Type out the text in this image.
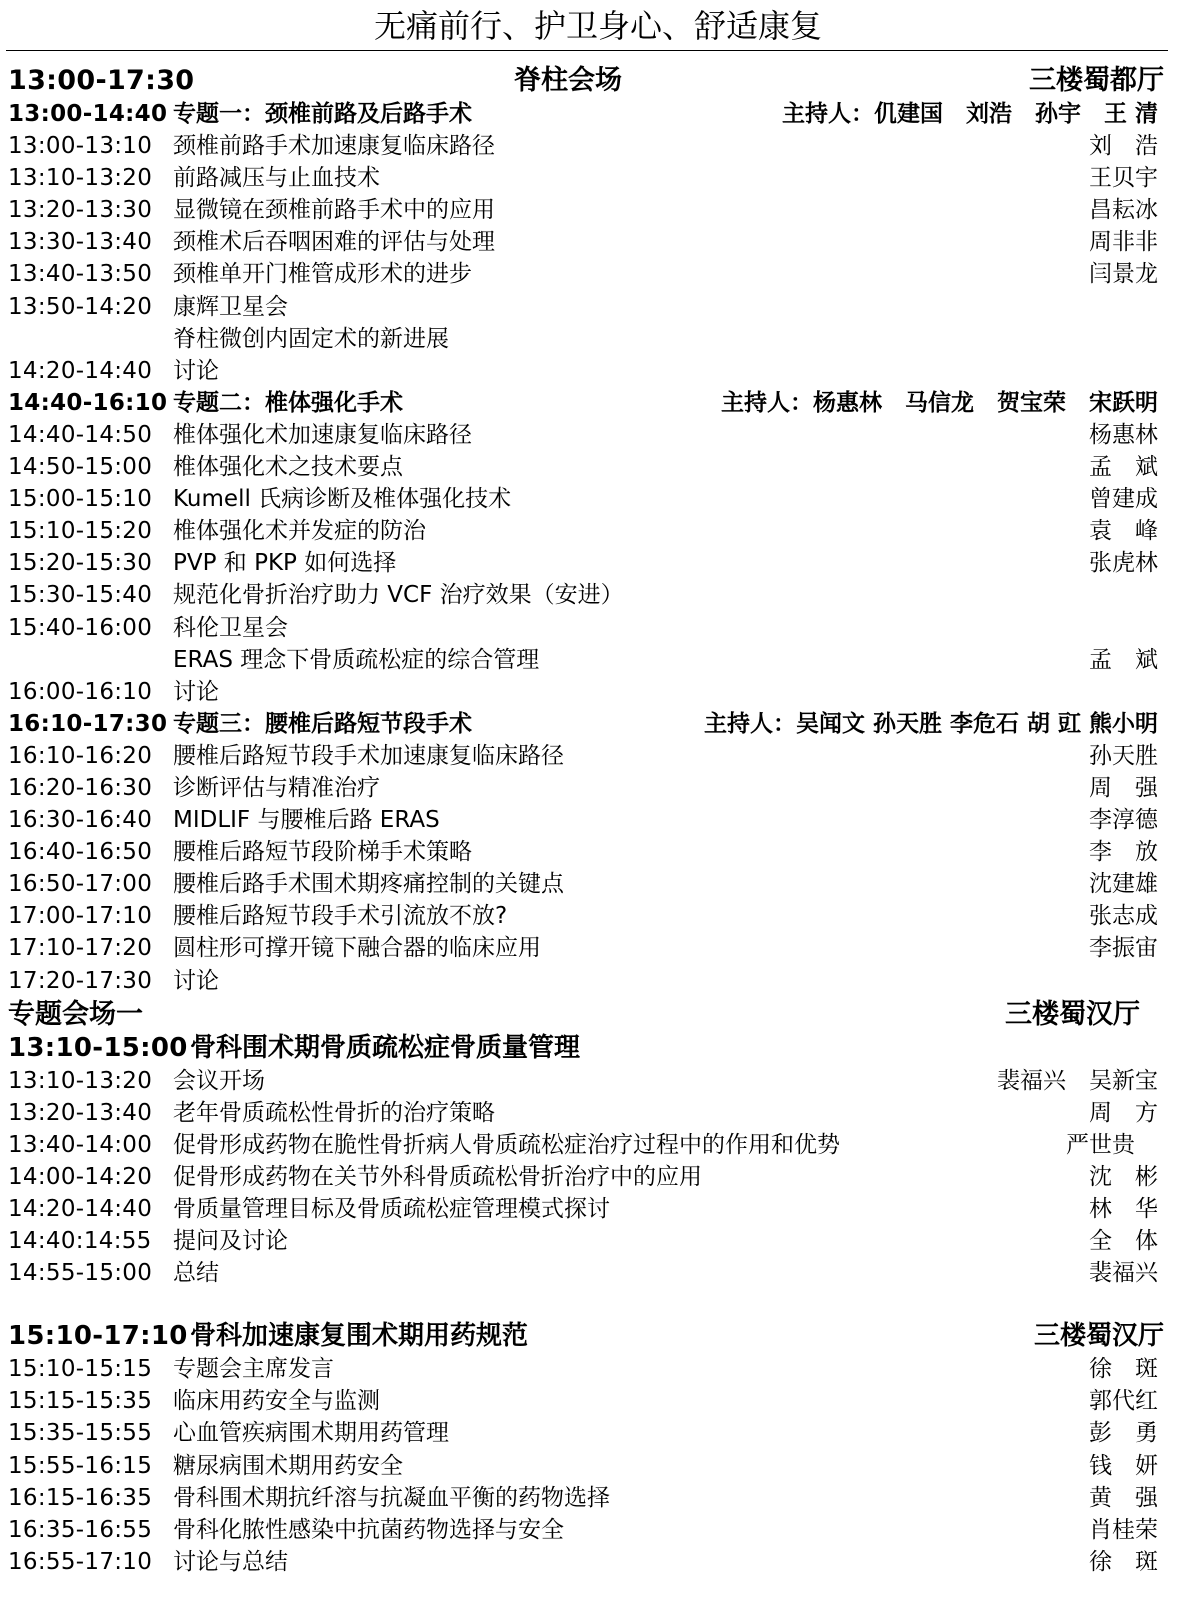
无痛前行、护卫身心、舒适康复
13:00-17:30	脊柱会场	三楼蜀都厅
13:00-14:40 专题一：颈椎前路及后路手术	主持人：仉建国　刘浩　孙宇　王 清
13:00-13:10 颈椎前路手术加速康复临床路径	刘　浩
13:10-13:20 前路减压与止血技术	王贝宇
13:20-13:30 显微镜在颈椎前路手术中的应用	昌耘冰
13:30-13:40 颈椎术后吞咽困难的评估与处理	周非非
13:40-13:50 颈椎单开门椎管成形术的进步	闫景龙
13:50-14:20 康辉卫星会
脊柱微创内固定术的新进展
14:20-14:40 讨论
14:40-16:10 专题二：椎体强化手术	主持人：杨惠林　马信龙　贺宝荣　宋跃明
14:40-14:50 椎体强化术加速康复临床路径	杨惠林
14:50-15:00 椎体强化术之技术要点	孟　斌
15:00-15:10 Kumell 氏病诊断及椎体强化技术	曾建成
15:10-15:20 椎体强化术并发症的防治	袁　峰
15:20-15:30 PVP 和 PKP 如何选择	张虎林
15:30-15:40 规范化骨折治疗助力 VCF 治疗效果（安进）
15:40-16:00 科伦卫星会
ERAS 理念下骨质疏松症的综合管理	孟　斌
16:00-16:10 讨论
16:10-17:30 专题三：腰椎后路短节段手术	主持人：吴闻文 孙天胜 李危石 胡 豇 熊小明
16:10-16:20 腰椎后路短节段手术加速康复临床路径	孙天胜
16:20-16:30 诊断评估与精准治疗	周　强
16:30-16:40 MIDLIF 与腰椎后路 ERAS	李淳德
16:40-16:50 腰椎后路短节段阶梯手术策略	李　放
16:50-17:00 腰椎后路手术围术期疼痛控制的关键点	沈建雄
17:00-17:10 腰椎后路短节段手术引流放不放?	张志成
17:10-17:20 圆柱形可撑开镜下融合器的临床应用	李振宙
17:20-17:30 讨论
专题会场一	三楼蜀汉厅
13:10-15:00 骨科围术期骨质疏松症骨质量管理
13:10-13:20 会议开场	裴福兴　吴新宝
13:20-13:40 老年骨质疏松性骨折的治疗策略	周　方
13:40-14:00 促骨形成药物在脆性骨折病人骨质疏松症治疗过程中的作用和优势	严世贵　
14:00-14:20 促骨形成药物在关节外科骨质疏松骨折治疗中的应用	沈　彬
14:20-14:40 骨质量管理目标及骨质疏松症管理模式探讨	林　华
14:40:14:55 提问及讨论	全　体
14:55-15:00 总结	裴福兴
15:10-17:10 骨科加速康复围术期用药规范	三楼蜀汉厅
15:10-15:15 专题会主席发言	徐　斑
15:15-15:35 临床用药安全与监测	郭代红
15:35-15:55 心血管疾病围术期用药管理	彭　勇
15:55-16:15 糖尿病围术期用药安全	钱　妍
16:15-16:35 骨科围术期抗纤溶与抗凝血平衡的药物选择	黄　强
16:35-16:55 骨科化脓性感染中抗菌药物选择与安全	肖桂荣
16:55-17:10 讨论与总结	徐　斑
